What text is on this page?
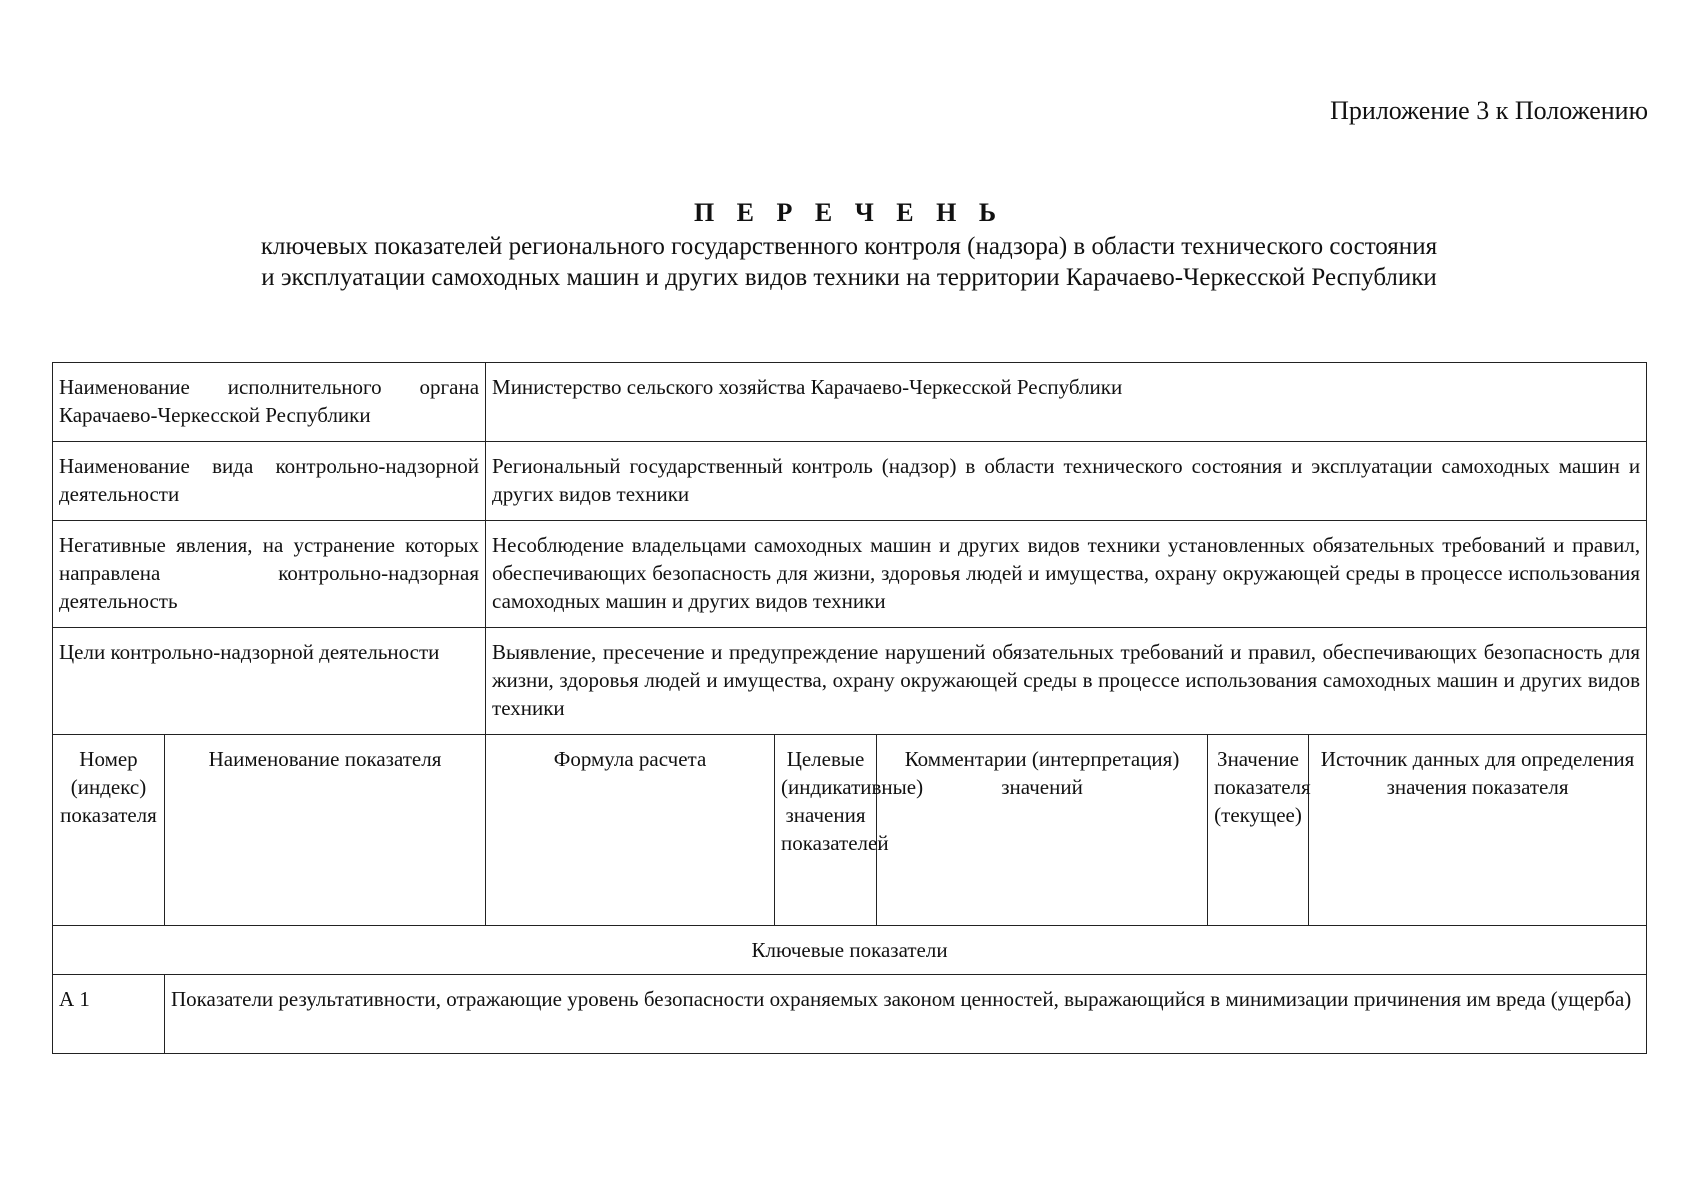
Приложение 3 к Положению
П Е Р Е Ч Е Н Ь
ключевых показателей регионального государственного контроля (надзора) в области технического состояния
и эксплуатации самоходных машин и других видов техники на территории Карачаево-Черкесской Республики
Наименование исполнительного органа Карачаево-Черкесской Республики		Министерство сельского хозяйства Карачаево-Черкесской Республики				
Наименование вида контрольно-надзорной деятельности		Региональный государственный контроль (надзор) в области технического состояния и эксплуатации самоходных машин и других видов техники				
Негативные явления, на устранение которых направлена контрольно-надзорная деятельность		Несоблюдение владельцами самоходных машин и других видов техники установленных обязательных требований и правил, обеспечивающих безопасность для жизни, здоровья людей и имущества, охрану окружающей среды в процессе использования самоходных машин и других видов техники				
Цели контрольно-надзорной деятельности		Выявление, пресечение и предупреждение нарушений обязательных требований и правил, обеспечивающих безопасность для жизни, здоровья людей и имущества, охрану окружающей среды в процессе использования самоходных машин и других видов техники				
Номер (индекс) показателя	Наименование показателя	Формула расчета	Целевые (индикативные) значения показателей	Комментарии (интерпретация) значений	Значение показателя (текущее)	Источник данных для определения значения показателя
Ключевые показатели						
А 1	Показатели результативности, отражающие уровень безопасности охраняемых законом ценностей, выражающийся в минимизации причинения им вреда (ущерба)					
